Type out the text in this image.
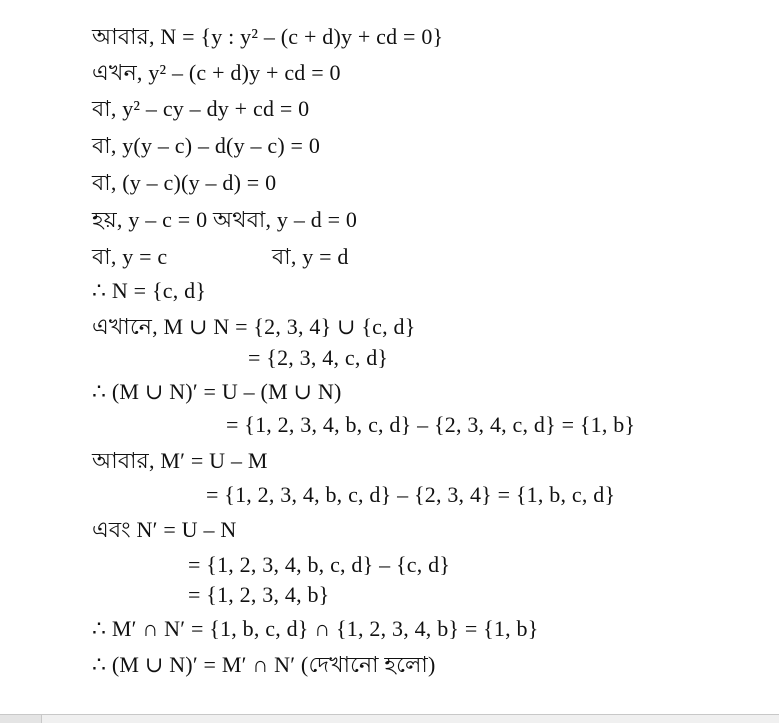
আবার, N = {y : y² – (c + d)y + cd = 0}
এখন, y² – (c + d)y + cd = 0
বা, y² – cy – dy + cd = 0
বা, y(y – c) – d(y – c) = 0
বা, (y – c)(y – d) = 0
হয়, y – c = 0 অথবা, y – d = 0
বা, y = c	বা, y = d
∴ N = {c, d}
এখানে, M ∪ N = {2, 3, 4} ∪ {c, d}
= {2, 3, 4, c, d}
∴ (M ∪ N)′ = U – (M ∪ N)
= {1, 2, 3, 4, b, c, d} – {2, 3, 4, c, d} = {1, b}
আবার, M′ = U – M
= {1, 2, 3, 4, b, c, d} – {2, 3, 4} = {1, b, c, d}
এবং N′ = U – N
= {1, 2, 3, 4, b, c, d} – {c, d}
= {1, 2, 3, 4, b}
∴ M′ ∩ N′ = {1, b, c, d} ∩ {1, 2, 3, 4, b} = {1, b}
∴ (M ∪ N)′ = M′ ∩ N′ (দেখানো হলো)
